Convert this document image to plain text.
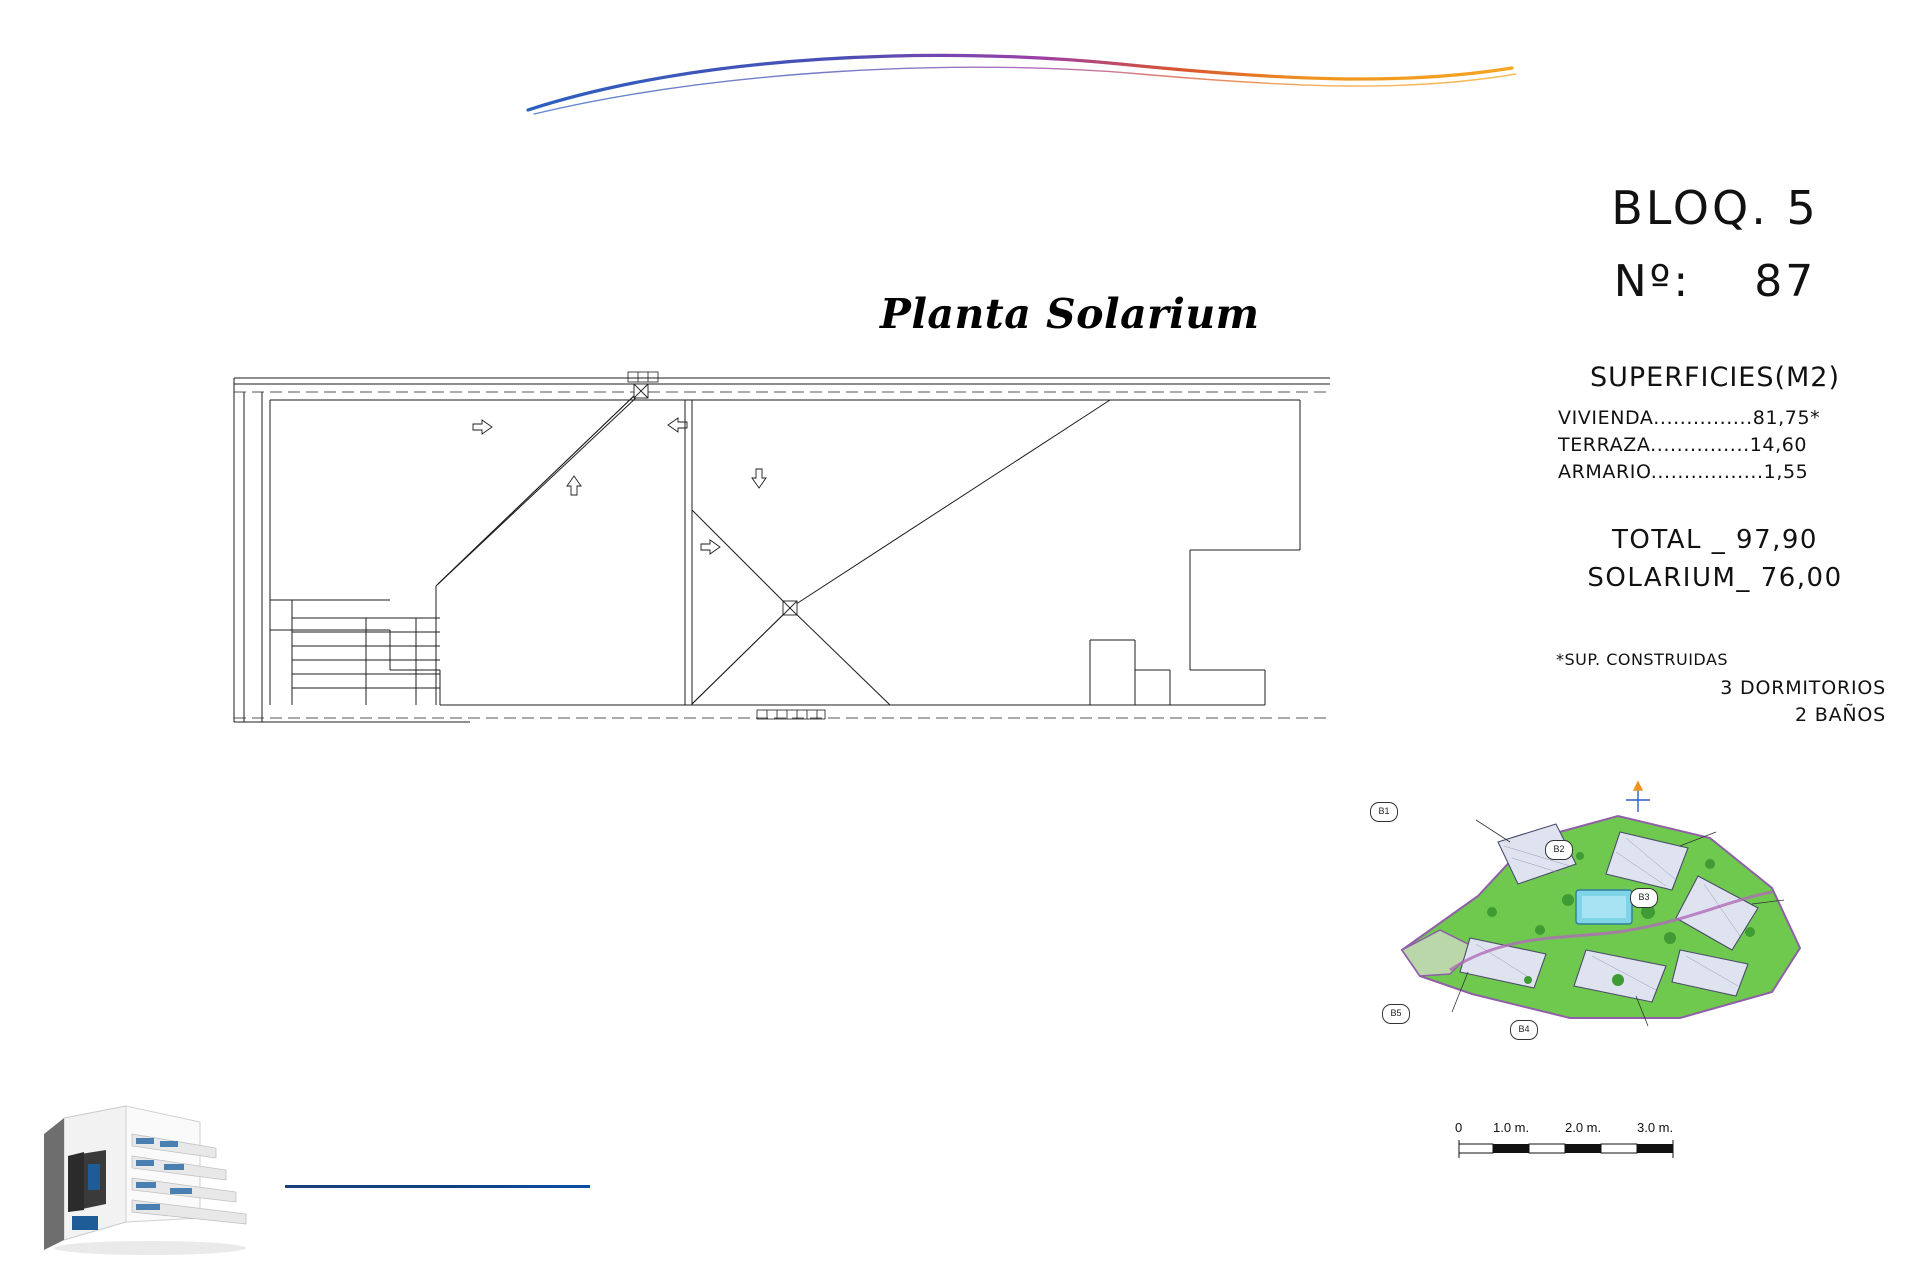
Planta Solarium
BLOQ. 5
Nº: 87
SUPERFICIES(M2)
VIVIENDA...............81,75*
TERRAZA...............14,60
ARMARIO.................1,55
TOTAL _ 97,90
SOLARIUM_ 76,00
*SUP. CONSTRUIDAS
3 DORMITORIOS
2 BAÑOS
B1
B2
B3
B4
B5
0 1.0 m.	2.0 m.	3.0 m.
